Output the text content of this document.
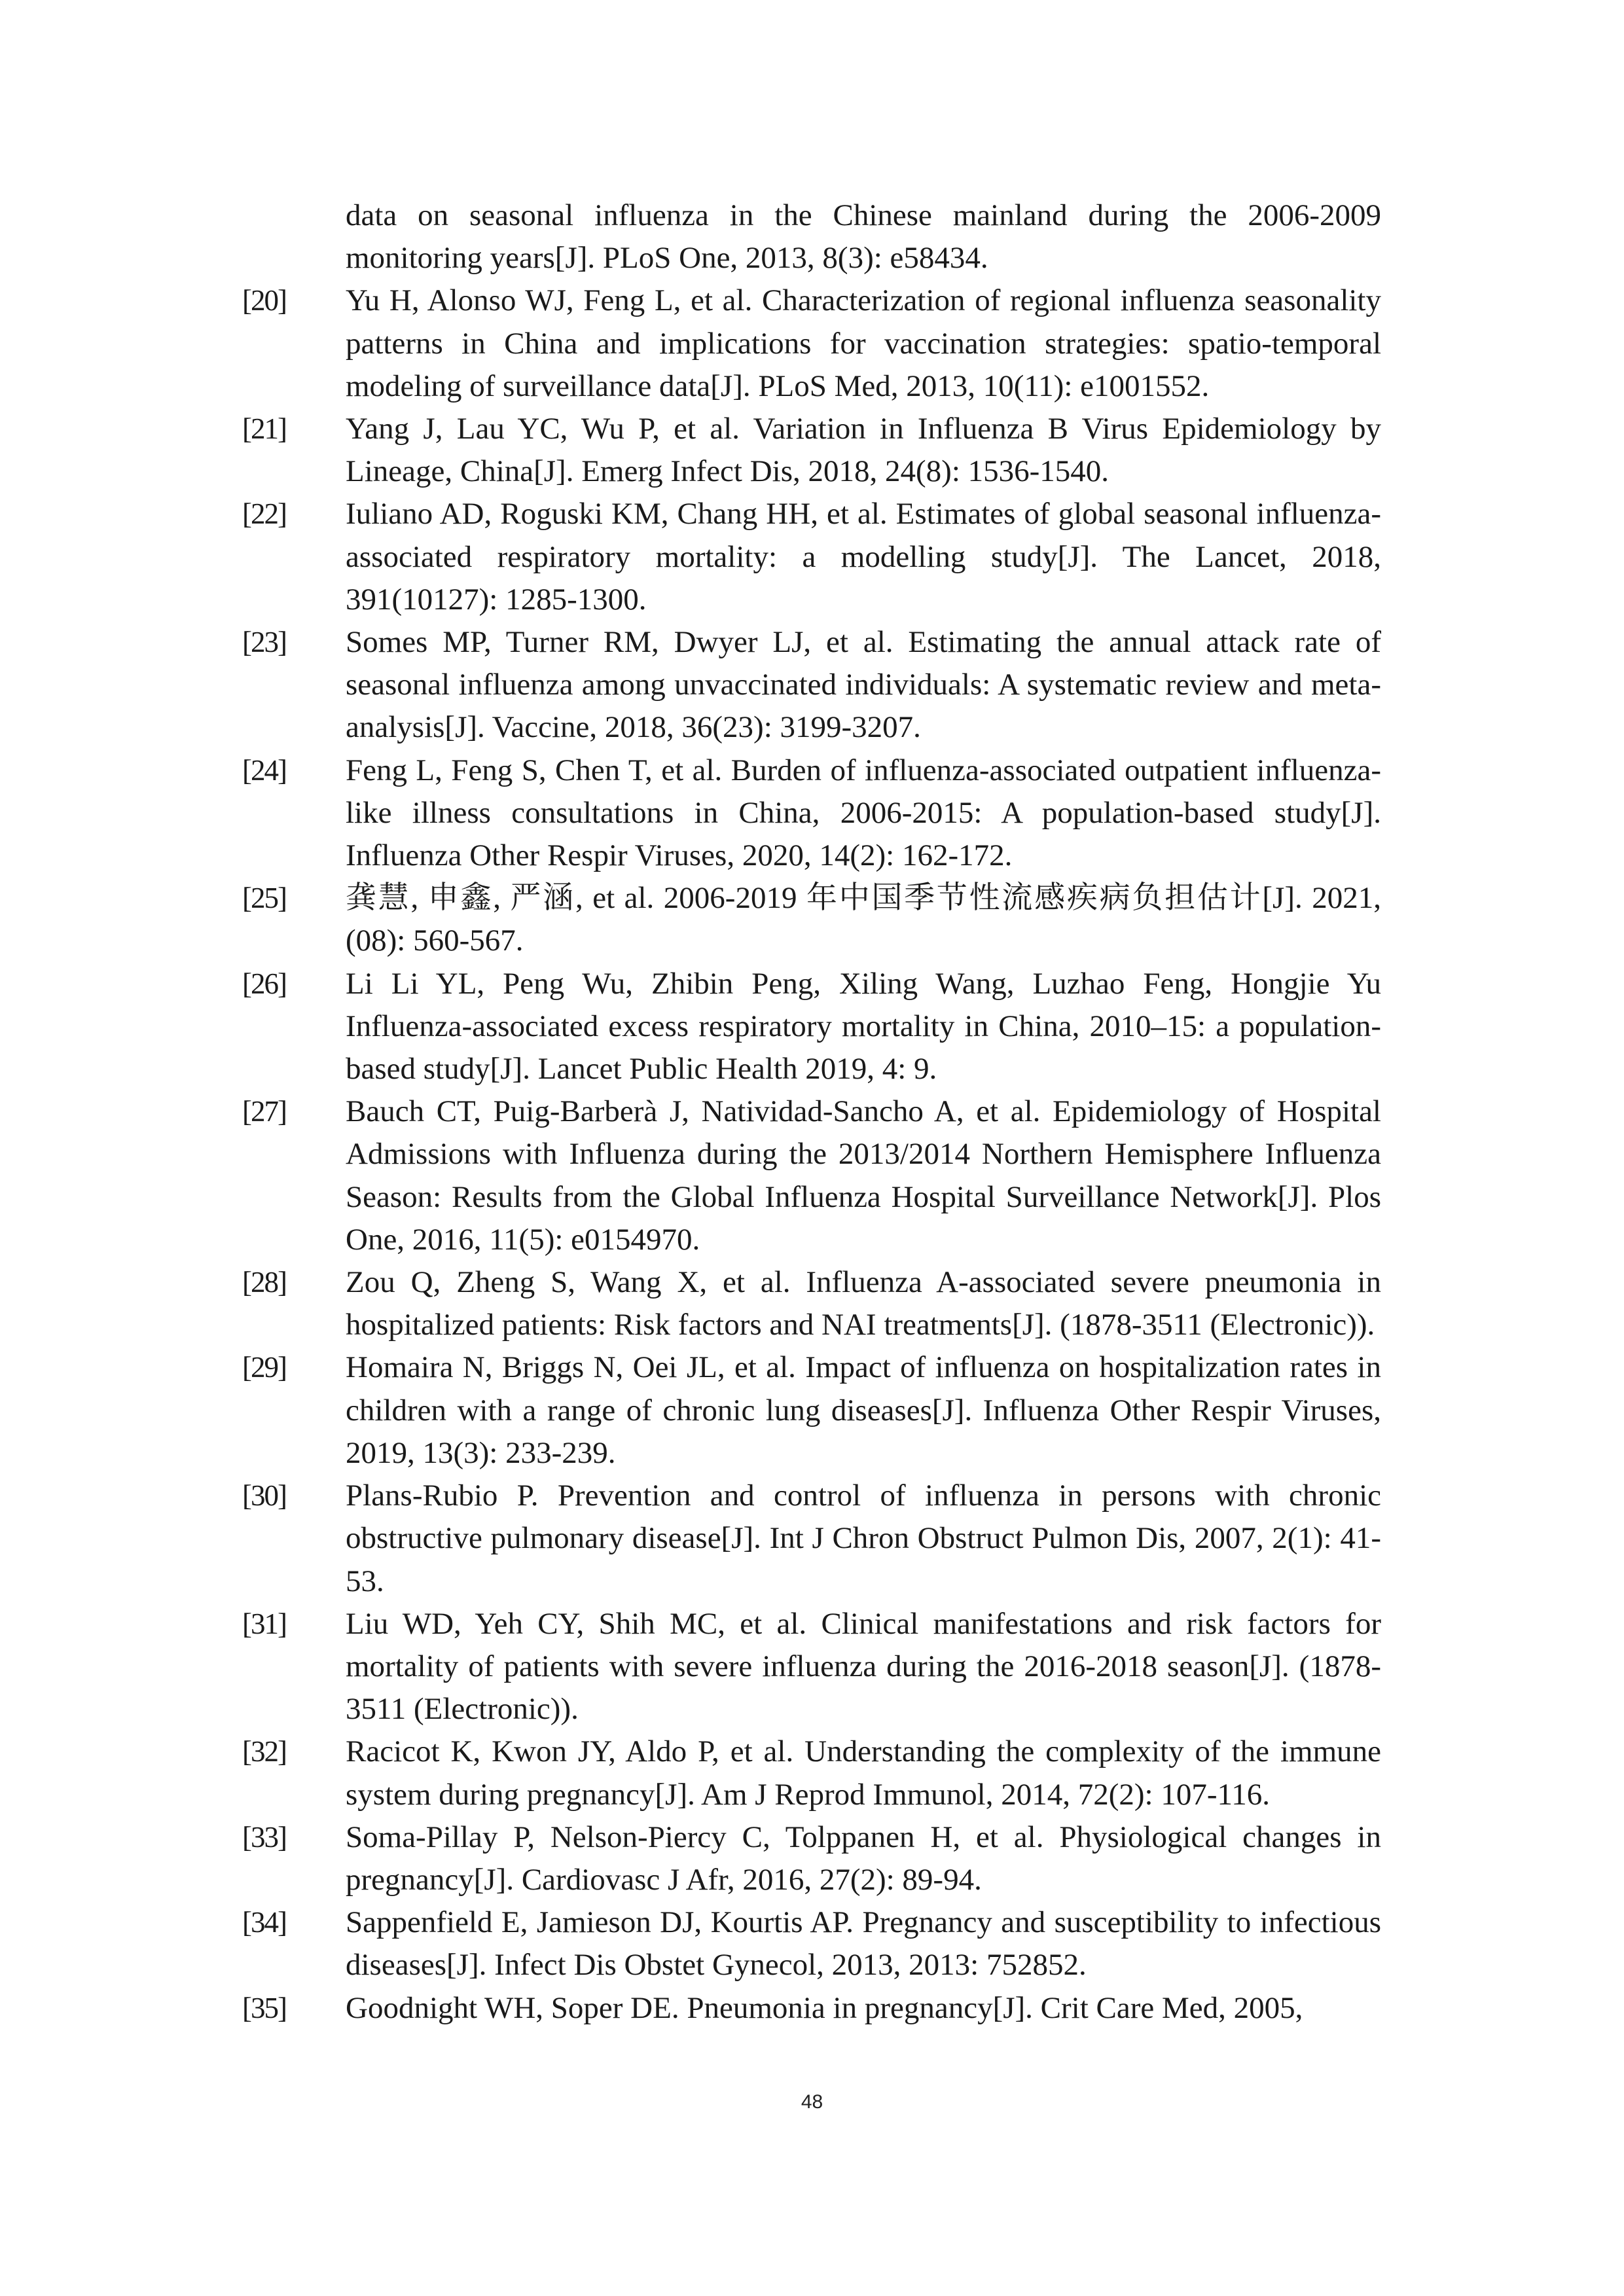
data on seasonal influenza in the Chinese mainland during the 2006-2009 monitoring years[J]. PLoS One, 2013, 8(3): e58434.
[20] Yu H, Alonso WJ, Feng L, et al. Characterization of regional influenza seasonality patterns in China and implications for vaccination strategies: spatio-temporal modeling of surveillance data[J]. PLoS Med, 2013, 10(11): e1001552.
[21] Yang J, Lau YC, Wu P, et al. Variation in Influenza B Virus Epidemiology by Lineage, China[J]. Emerg Infect Dis, 2018, 24(8): 1536-1540.
[22] Iuliano AD, Roguski KM, Chang HH, et al. Estimates of global seasonal influenza-associated respiratory mortality: a modelling study[J]. The Lancet, 2018, 391(10127): 1285-1300.
[23] Somes MP, Turner RM, Dwyer LJ, et al. Estimating the annual attack rate of seasonal influenza among unvaccinated individuals: A systematic review and meta-analysis[J]. Vaccine, 2018, 36(23): 3199-3207.
[24] Feng L, Feng S, Chen T, et al. Burden of influenza‐associated outpatient influenza‐like illness consultations in China, 2006‐2015: A population‐based study[J]. Influenza Other Respir Viruses, 2020, 14(2): 162-172.
[25] 龚慧, 申鑫, 严涵, et al. 2006-2019 年中国季节性流感疾病负担估计[J]. 2021, (08): 560-567.
[26] Li Li YL, Peng Wu, Zhibin Peng, Xiling Wang, Luzhao Feng, Hongjie Yu Influenza-associated excess respiratory mortality in China, 2010–15: a population-based study[J]. Lancet Public Health 2019, 4: 9.
[27] Bauch CT, Puig-Barberà J, Natividad-Sancho A, et al. Epidemiology of Hospital Admissions with Influenza during the 2013/2014 Northern Hemisphere Influenza Season: Results from the Global Influenza Hospital Surveillance Network[J]. Plos One, 2016, 11(5): e0154970.
[28] Zou Q, Zheng S, Wang X, et al. Influenza A-associated severe pneumonia in hospitalized patients: Risk factors and NAI treatments[J]. (1878-3511 (Electronic)).
[29] Homaira N, Briggs N, Oei JL, et al. Impact of influenza on hospitalization rates in children with a range of chronic lung diseases[J]. Influenza Other Respir Viruses, 2019, 13(3): 233-239.
[30] Plans-Rubio P. Prevention and control of influenza in persons with chronic obstructive pulmonary disease[J]. Int J Chron Obstruct Pulmon Dis, 2007, 2(1): 41-53.
[31] Liu WD, Yeh CY, Shih MC, et al. Clinical manifestations and risk factors for mortality of patients with severe influenza during the 2016-2018 season[J]. (1878-3511 (Electronic)).
[32] Racicot K, Kwon JY, Aldo P, et al. Understanding the complexity of the immune system during pregnancy[J]. Am J Reprod Immunol, 2014, 72(2): 107-116.
[33] Soma-Pillay P, Nelson-Piercy C, Tolppanen H, et al. Physiological changes in pregnancy[J]. Cardiovasc J Afr, 2016, 27(2): 89-94.
[34] Sappenfield E, Jamieson DJ, Kourtis AP. Pregnancy and susceptibility to infectious diseases[J]. Infect Dis Obstet Gynecol, 2013, 2013: 752852.
[35] Goodnight WH, Soper DE. Pneumonia in pregnancy[J]. Crit Care Med, 2005,
48
